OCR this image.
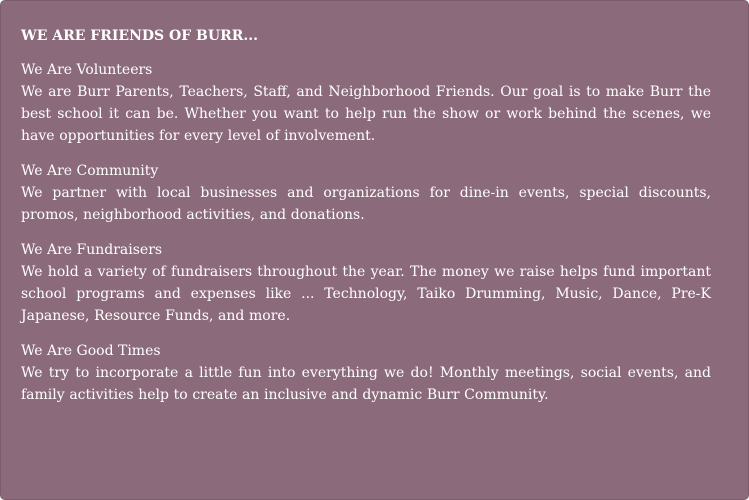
WE ARE FRIENDS OF BURR...
We Are Volunteers
We are Burr Parents, Teachers, Staff, and Neighborhood Friends. Our goal is to make Burr the best school it can be. Whether you want to help run the show or work behind the scenes, we have opportunities for every level of involvement.
We Are Community
We partner with local businesses and organizations for dine-in events, special discounts, promos, neighborhood activities, and donations.
We Are Fundraisers
We hold a variety of fundraisers throughout the year. The money we raise helps fund important school programs and expenses like ... Technology, Taiko Drumming, Music, Dance, Pre-K Japanese, Resource Funds, and more.
We Are Good Times
We try to incorporate a little fun into everything we do! Monthly meetings, social events, and family activities help to create an inclusive and dynamic Burr Community.
